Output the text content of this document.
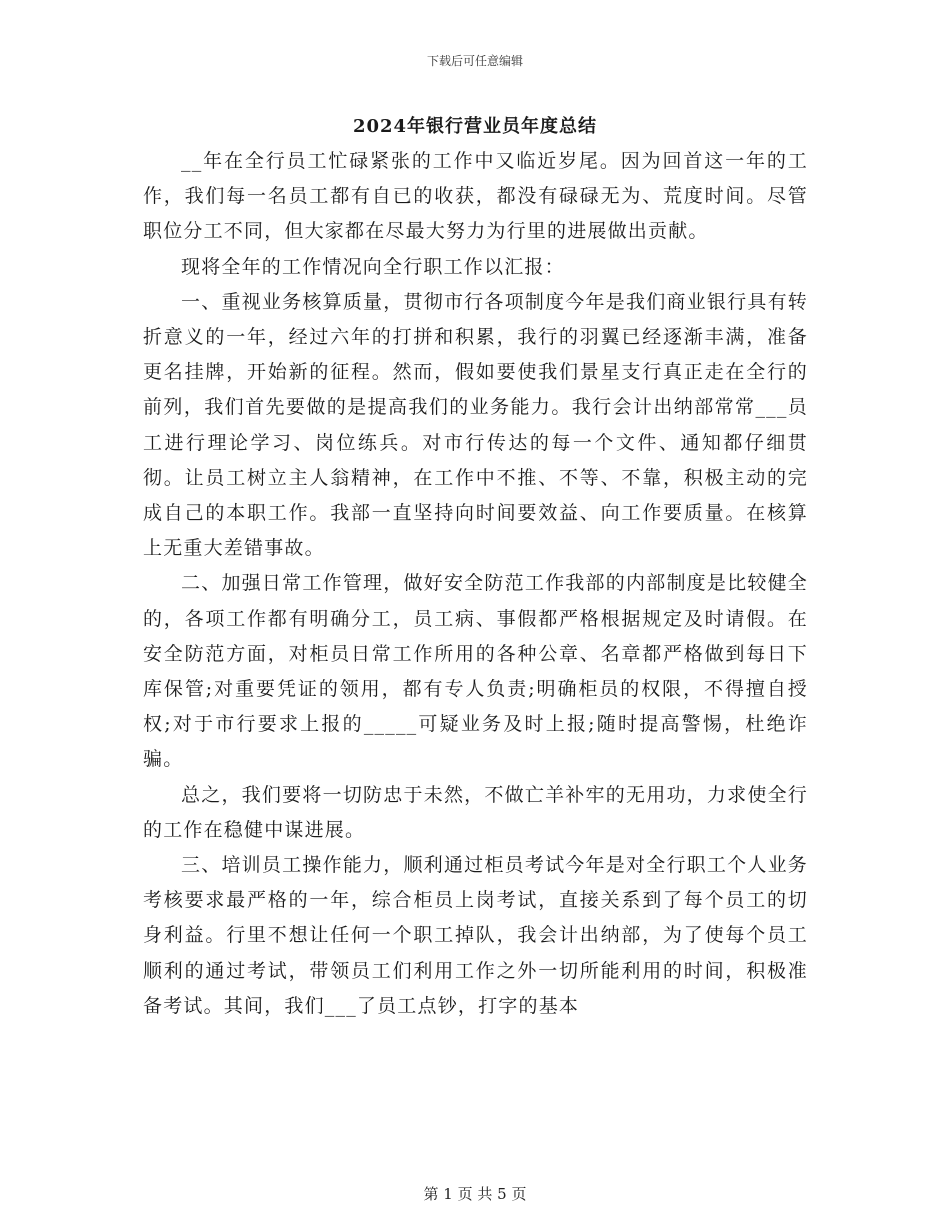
下载后可任意编辑
2024年银行营业员年度总结

__年在全行员工忙碌紧张的工作中又临近岁尾。因为回首这一年的工作，我们每一名员工都有自已的收获，都没有碌碌无为、荒度时间。尽管职位分工不同，但大家都在尽最大努力为行里的进展做出贡献。

现将全年的工作情况向全行职工作以汇报：

一、重视业务核算质量，贯彻市行各项制度今年是我们商业银行具有转折意义的一年，经过六年的打拼和积累，我行的羽翼已经逐渐丰满，准备更名挂牌，开始新的征程。然而，假如要使我们景星支行真正走在全行的前列，我们首先要做的是提高我们的业务能力。我行会计出纳部常常___员工进行理论学习、岗位练兵。对市行传达的每一个文件、通知都仔细贯彻。让员工树立主人翁精神，在工作中不推、不等、不靠，积极主动的完成自己的本职工作。我部一直坚持向时间要效益、向工作要质量。在核算上无重大差错事故。

二、加强日常工作管理，做好安全防范工作我部的内部制度是比较健全的，各项工作都有明确分工，员工病、事假都严格根据规定及时请假。在安全防范方面，对柜员日常工作所用的各种公章、名章都严格做到每日下库保管;对重要凭证的领用，都有专人负责;明确柜员的权限，不得擅自授权;对于市行要求上报的_____可疑业务及时上报;随时提高警惕，杜绝诈骗。

总之，我们要将一切防忠于未然，不做亡羊补牢的无用功，力求使全行的工作在稳健中谋进展。

三、培训员工操作能力，顺利通过柜员考试今年是对全行职工个人业务考核要求最严格的一年，综合柜员上岗考试，直接关系到了每个员工的切身利益。行里不想让任何一个职工掉队，我会计出纳部，为了使每个员工顺利的通过考试，带领员工们利用工作之外一切所能利用的时间，积极准备考试。其间，我们___了员工点钞，打字的基本

第 1 页 共 5 页
